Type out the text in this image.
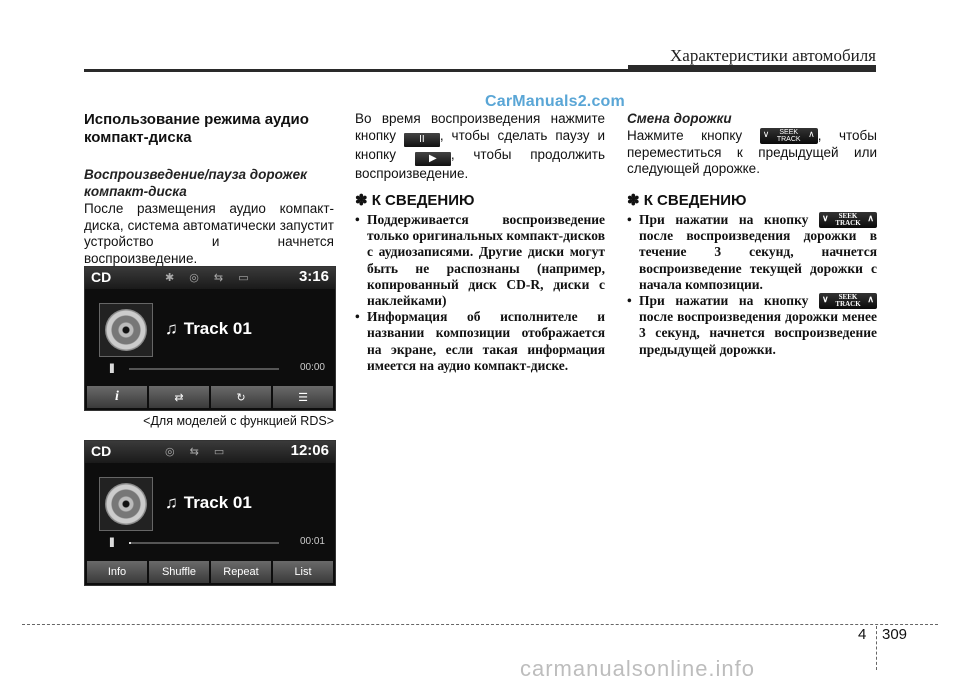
Характеристики автомобиля
CarManuals2.com
Использование режима аудио компакт-диска
Воспроизведение/пауза дорожек компакт-диска
После размещения аудио компакт-диска, система автоматически запустит устройство и начнется воспроизведение.
CD	✱ ◎ ⇆ ▭	3:16
♫ Track 01
II	00:00
i	⇄	↻	☰
<Для моделей с функцией RDS>
CD	◎ ⇆ ▭	12:06
♫ Track 01
II	00:01
Info	Shuffle	Repeat	List
Во время воспроизведения нажмите кнопку II , чтобы сделать паузу и кнопку	▶ , чтобы продолжить воспроизведение.
✽ К СВЕДЕНИЮ
• Поддерживается воспроизведение только оригинальных компакт-дисков с аудиозаписями. Другие диски могут быть не распознаны (например, копированный диск CD-R, диски с наклейками)
• Информация об исполнителе и названии композиции отображается на экране, если такая информация имеется на аудио компакт-диске.
Смена дорожки
Нажмите кнопку ∨	SEEK
TRACK
∧ , чтобы переместиться к предыдущей или следующей дорожке.
✽ К СВЕДЕНИЮ
• При нажатии на кнопку ∨	SEEK
TRACK ∧
после воспроизведения дорожки в течение 3 секунд, начнется воспроизведение текущей дорожки с начала композиции.
• При нажатии на кнопку ∨	SEEK
TRACK ∧
после воспроизведения дорожки менее 3 секунд, начнется воспроизведение предыдущей дорожки.
4 309
carmanualsonline.info
